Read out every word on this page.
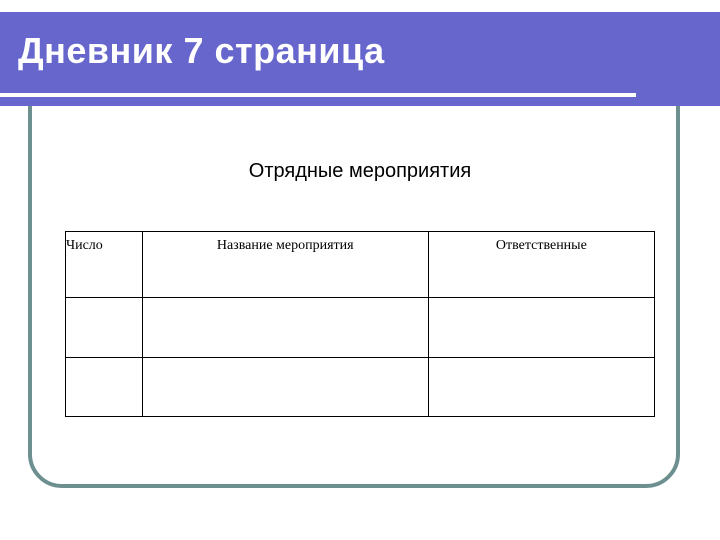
Дневник 7 страница

Отрядные мероприятия

Число	Название мероприятия	Ответственные
